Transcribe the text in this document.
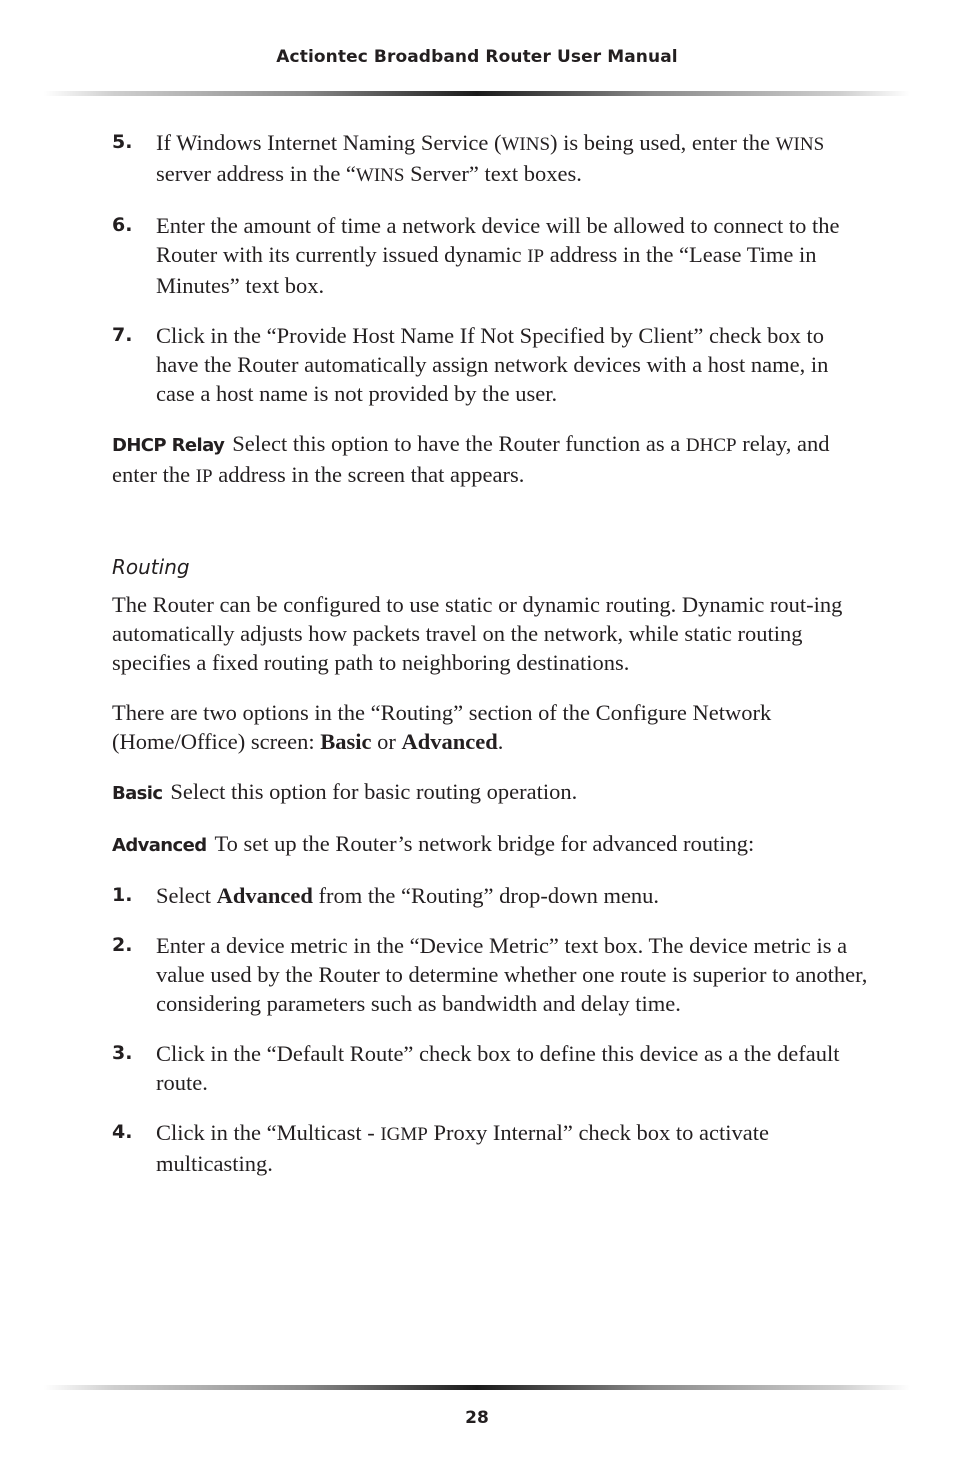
Actiontec Broadband Router User Manual
5. If Windows Internet Naming Service (WINS) is being used, enter the WINS server address in the “WINS Server” text boxes.
6. Enter the amount of time a network device will be allowed to connect to the Router with its currently issued dynamic IP address in the “Lease Time in Minutes” text box.
7. Click in the “Provide Host Name If Not Specified by Client” check box to have the Router automatically assign network devices with a host name, in case a host name is not provided by the user.

DHCP Relay Select this option to have the Router function as a DHCP relay, and enter the IP address in the screen that appears.

Routing

The Router can be configured to use static or dynamic routing. Dynamic rout-ing automatically adjusts how packets travel on the network, while static routing specifies a fixed routing path to neighboring destinations.

There are two options in the “Routing” section of the Configure Network (Home/Office) screen: Basic or Advanced.

Basic Select this option for basic routing operation.

Advanced To set up the Router’s network bridge for advanced routing:

1. Select Advanced from the “Routing” drop-down menu.
2. Enter a device metric in the “Device Metric” text box. The device metric is a value used by the Router to determine whether one route is superior to another, considering parameters such as bandwidth and delay time.
3. Click in the “Default Route” check box to define this device as a the default route.
4. Click in the “Multicast - IGMP Proxy Internal” check box to activate multicasting.
28
